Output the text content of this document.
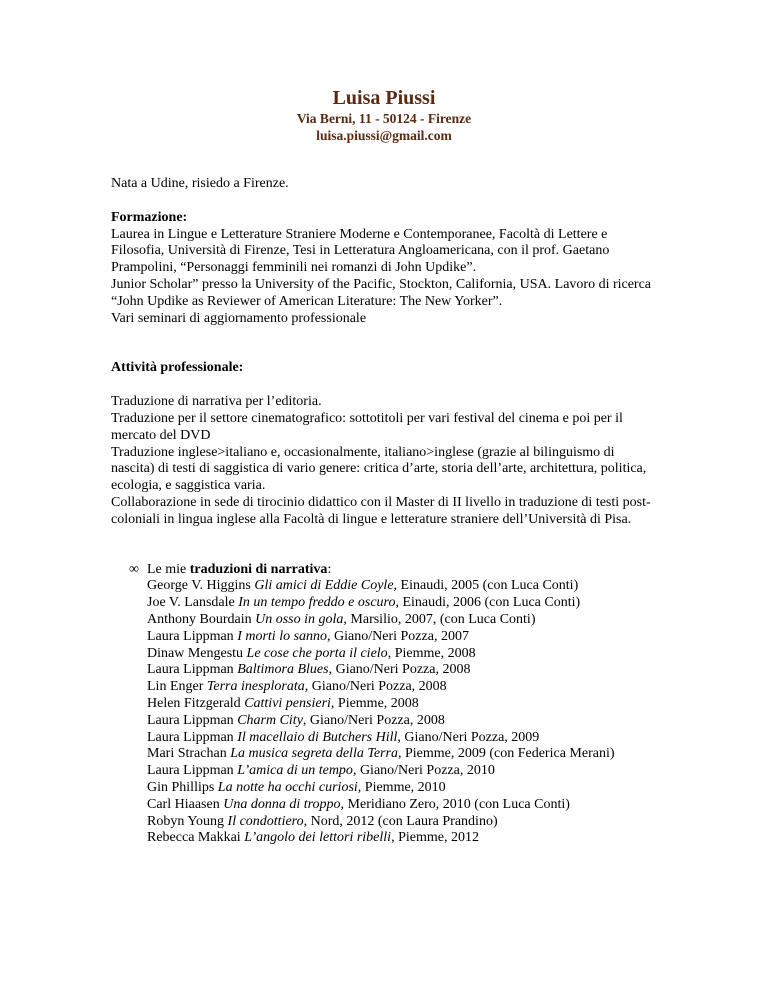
Luisa Piussi
Via Berni, 11 - 50124 - Firenze
luisa.piussi@gmail.com

Nata a Udine, risiedo a Firenze.

Formazione:

Laurea in Lingue e Letterature Straniere Moderne e Contemporanee, Facoltà di Lettere e

Filosofia, Università di Firenze, Tesi in Letteratura Angloamericana, con il prof. Gaetano

Prampolini, “Personaggi femminili nei romanzi di John Updike”.

Junior Scholar” presso la University of the Pacific, Stockton, California, USA. Lavoro di ricerca

“John Updike as Reviewer of American Literature: The New Yorker”.

Vari seminari di aggiornamento professionale

Attività professionale:

Traduzione di narrativa per l’editoria.

Traduzione per il settore cinematografico: sottotitoli per vari festival del cinema e poi per il

mercato del DVD

Traduzione inglese>italiano e, occasionalmente, italiano>inglese (grazie al bilinguismo di

nascita) di testi di saggistica di vario genere: critica d’arte, storia dell’arte, architettura, politica,

ecologia, e saggistica varia.

Collaborazione in sede di tirocinio didattico con il Master di II livello in traduzione di testi post-

coloniali in lingua inglese alla Facoltà di lingue e letterature straniere dell’Università di Pisa.

∞ Le mie traduzioni di narrativa:

George V. Higgins Gli amici di Eddie Coyle, Einaudi, 2005 (con Luca Conti)

Joe V. Lansdale In un tempo freddo e oscuro, Einaudi, 2006 (con Luca Conti)

Anthony Bourdain Un osso in gola, Marsilio, 2007, (con Luca Conti)

Laura Lippman I morti lo sanno, Giano/Neri Pozza, 2007

Dinaw Mengestu Le cose che porta il cielo, Piemme, 2008

Laura Lippman Baltimora Blues, Giano/Neri Pozza, 2008

Lin Enger Terra inesplorata, Giano/Neri Pozza, 2008

Helen Fitzgerald Cattivi pensieri, Piemme, 2008

Laura Lippman Charm City, Giano/Neri Pozza, 2008

Laura Lippman Il macellaio di Butchers Hill, Giano/Neri Pozza, 2009

Mari Strachan La musica segreta della Terra, Piemme, 2009 (con Federica Merani)

Laura Lippman L’amica di un tempo, Giano/Neri Pozza, 2010

Gin Phillips La notte ha occhi curiosi, Piemme, 2010

Carl Hiaasen Una donna di troppo, Meridiano Zero, 2010 (con Luca Conti)

Robyn Young Il condottiero, Nord, 2012 (con Laura Prandino)

Rebecca Makkai L’angolo dei lettori ribelli, Piemme, 2012
